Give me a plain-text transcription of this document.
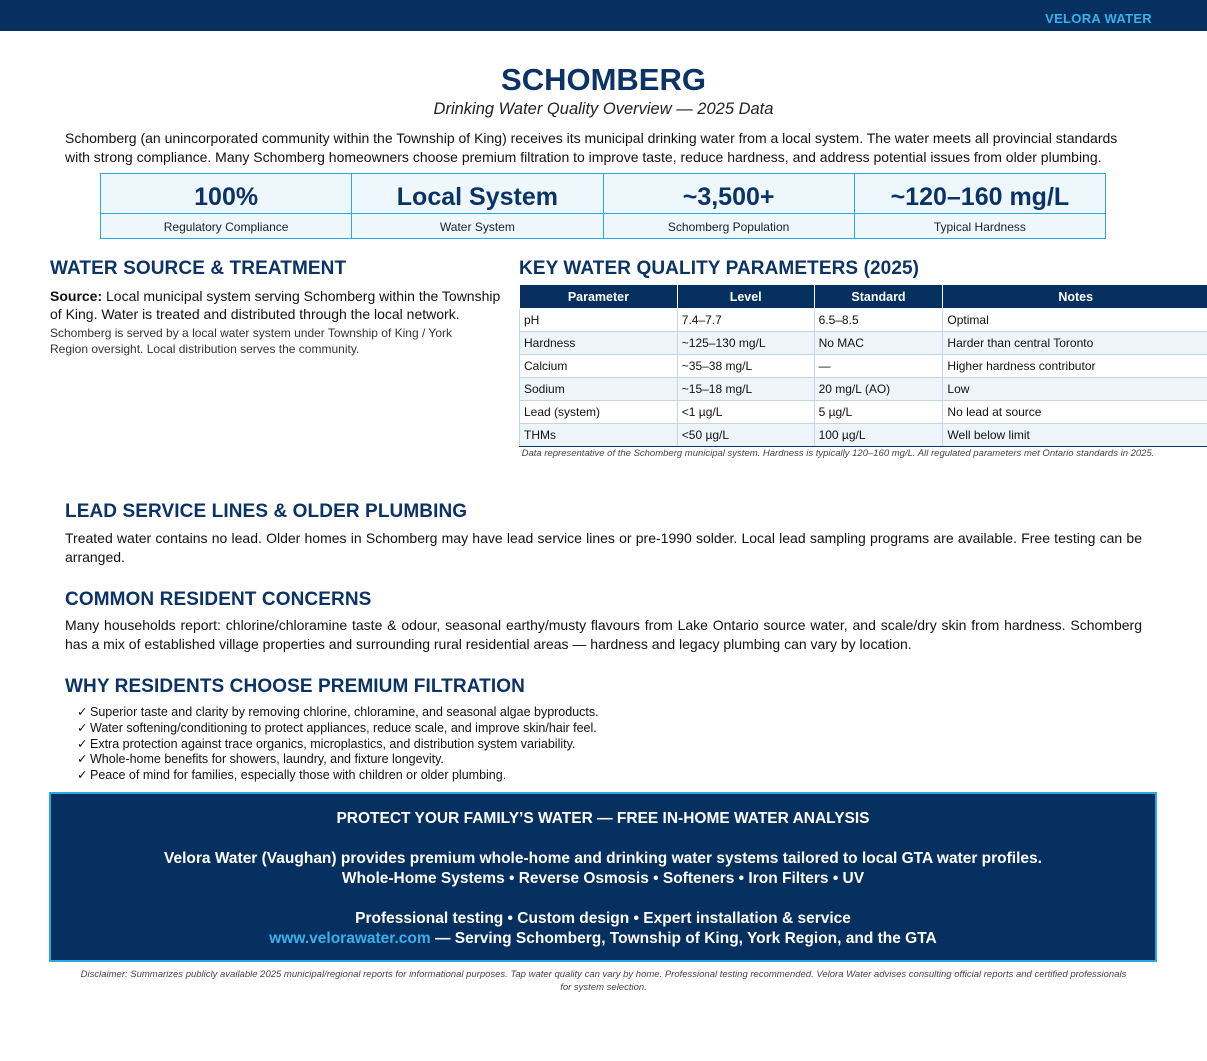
VELORA WATER
SCHOMBERG
Drinking Water Quality Overview — 2025 Data

Schomberg (an unincorporated community within the Township of King) receives its municipal drinking water from a local system. The water meets all provincial standards with strong compliance. Many Schomberg homeowners choose premium filtration to improve taste, reduce hardness, and address potential issues from older plumbing.

100%
Regulatory Compliance
Local System
Water System
~3,500+
Schomberg Population
~120–160 mg/L
Typical Hardness
WATER SOURCE & TREATMENT

Source: Local municipal system serving Schomberg within the Township of King. Water is treated and distributed through the local network.

Schomberg is served by a local water system under Township of King / York Region oversight. Local distribution serves the community.

KEY WATER QUALITY PARAMETERS (2025)
Parameter	Level	Standard	Notes
pH	7.4–7.7	6.5–8.5	Optimal
Hardness	~125–130 mg/L	No MAC	Harder than central Toronto
Calcium	~35–38 mg/L	—	Higher hardness contributor
Sodium	~15–18 mg/L	20 mg/L (AO)	Low
Lead (system)	<1 µg/L	5 µg/L	No lead at source
THMs	<50 µg/L	100 µg/L	Well below limit

Data representative of the Schomberg municipal system. Hardness is typically 120–160 mg/L. All regulated parameters met Ontario standards in 2025.

LEAD SERVICE LINES & OLDER PLUMBING

Treated water contains no lead. Older homes in Schomberg may have lead service lines or pre-1990 solder. Local lead sampling programs are available. Free testing can be arranged.

COMMON RESIDENT CONCERNS

Many households report: chlorine/chloramine taste & odour, seasonal earthy/musty flavours from Lake Ontario source water, and scale/dry skin from hardness. Schomberg has a mix of established village properties and surrounding rural residential areas — hardness and legacy plumbing can vary by location.

WHY RESIDENTS CHOOSE PREMIUM FILTRATION
✓ Superior taste and clarity by removing chlorine, chloramine, and seasonal algae byproducts.
✓ Water softening/conditioning to protect appliances, reduce scale, and improve skin/hair feel.
✓ Extra protection against trace organics, microplastics, and distribution system variability.
✓ Whole-home benefits for showers, laundry, and fixture longevity.
✓ Peace of mind for families, especially those with children or older plumbing.
PROTECT YOUR FAMILY’S WATER — FREE IN-HOME WATER ANALYSIS
Velora Water (Vaughan) provides premium whole-home and drinking water systems tailored to local GTA water profiles.
Whole-Home Systems • Reverse Osmosis • Softeners • Iron Filters • UV
Professional testing • Custom design • Expert installation & service
www.velorawater.com — Serving Schomberg, Township of King, York Region, and the GTA

Disclaimer: Summarizes publicly available 2025 municipal/regional reports for informational purposes. Tap water quality can vary by home. Professional testing recommended. Velora Water advises consulting official reports and certified professionals for system selection.
